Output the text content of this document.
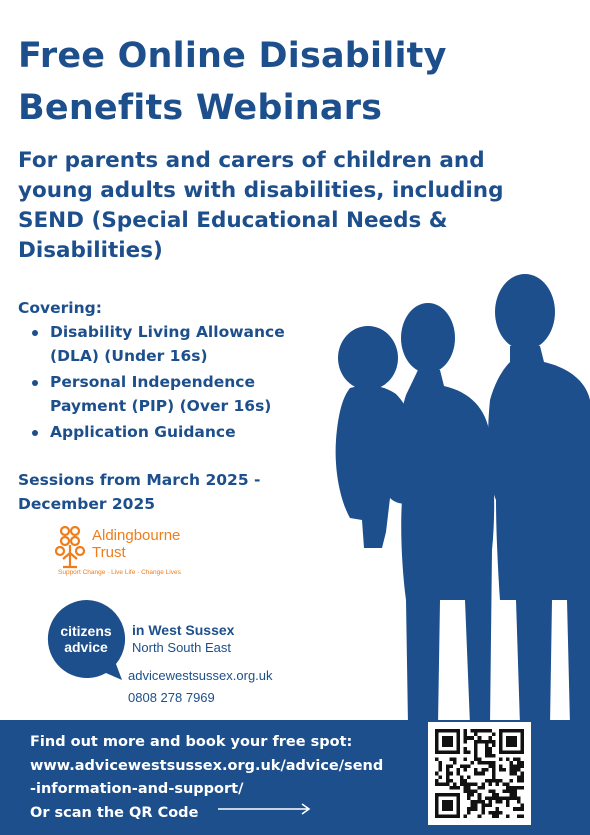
Free Online Disability Benefits Webinars
For parents and carers of children and young adults with disabilities, including SEND (Special Educational Needs & Disabilities)
Covering:
Disability Living Allowance (DLA) (Under 16s)
Personal Independence Payment (PIP) (Over 16s)
Application Guidance
Sessions from March 2025 - December 2025
Aldingbourne
Trust
Support Change · Live Life · Change Lives
citizens
advice
in West Sussex
North South East
advicewestsussex.org.uk
0808 278 7969
Find out more and book your free spot:
www.advicewestsussex.org.uk/advice/send
-information-and-support/
Or scan the QR Code
